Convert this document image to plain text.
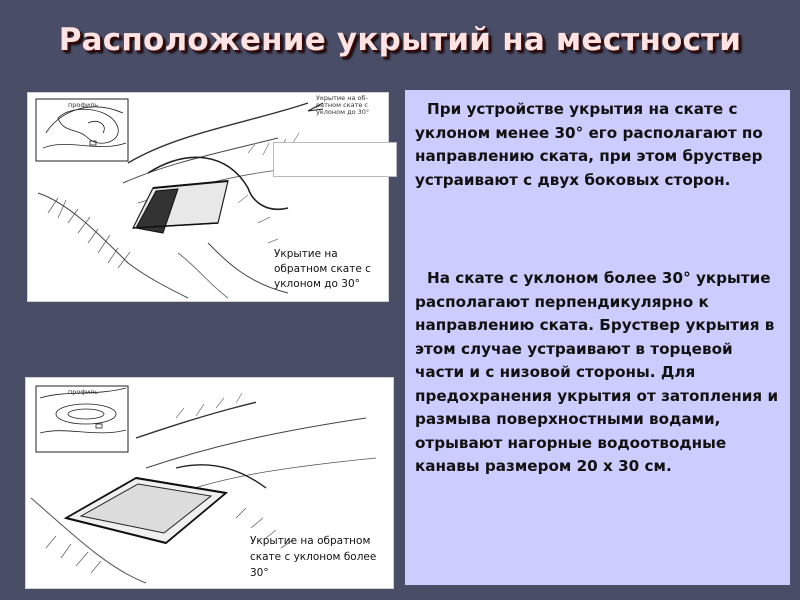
Расположение укрытий на местности
профиль
Укрытие на об-ратном скате с уклоном до 30°
Укрытие на обратном скате с уклоном до 30°
профиль
Укрытие на обратном скате с уклоном более 30°

При устройстве укрытия на скате с уклоном менее 30° его располагают по направлению ската, при этом бруствер устраивают с двух боковых сторон.

На скате с уклоном более 30° укрытие располагают перпендикулярно к направлению ската. Бруствер укрытия в этом случае устраивают в торцевой части и с низовой стороны. Для предохранения укрытия от затопления и размыва поверхностными водами, отрывают нагорные водоотводные канавы размером 20 х 30 см.
